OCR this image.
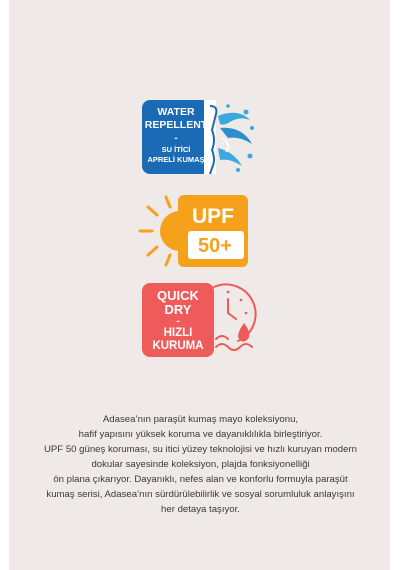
WATER
REPELLENT
-
SU İTİCİ
APRELİ KUMAŞ
UPF
50+
QUICK
DRY
-
HIZLI
KURUMA
Adasea’nın paraşüt kumaş mayo koleksiyonu,
hafif yapısını yüksek koruma ve dayanıklılıkla birleştiriyor.
UPF 50 güneş koruması, su itici yüzey teknolojisi ve hızlı kuruyan modern
dokular sayesinde koleksiyon, plajda fonksiyonelliği
ön plana çıkarıyor. Dayanıklı, nefes alan ve konforlu formuyla paraşüt
kumaş serisi, Adasea’nın sürdürülebilirlik ve sosyal sorumluluk anlayışını
her detaya taşıyor.
